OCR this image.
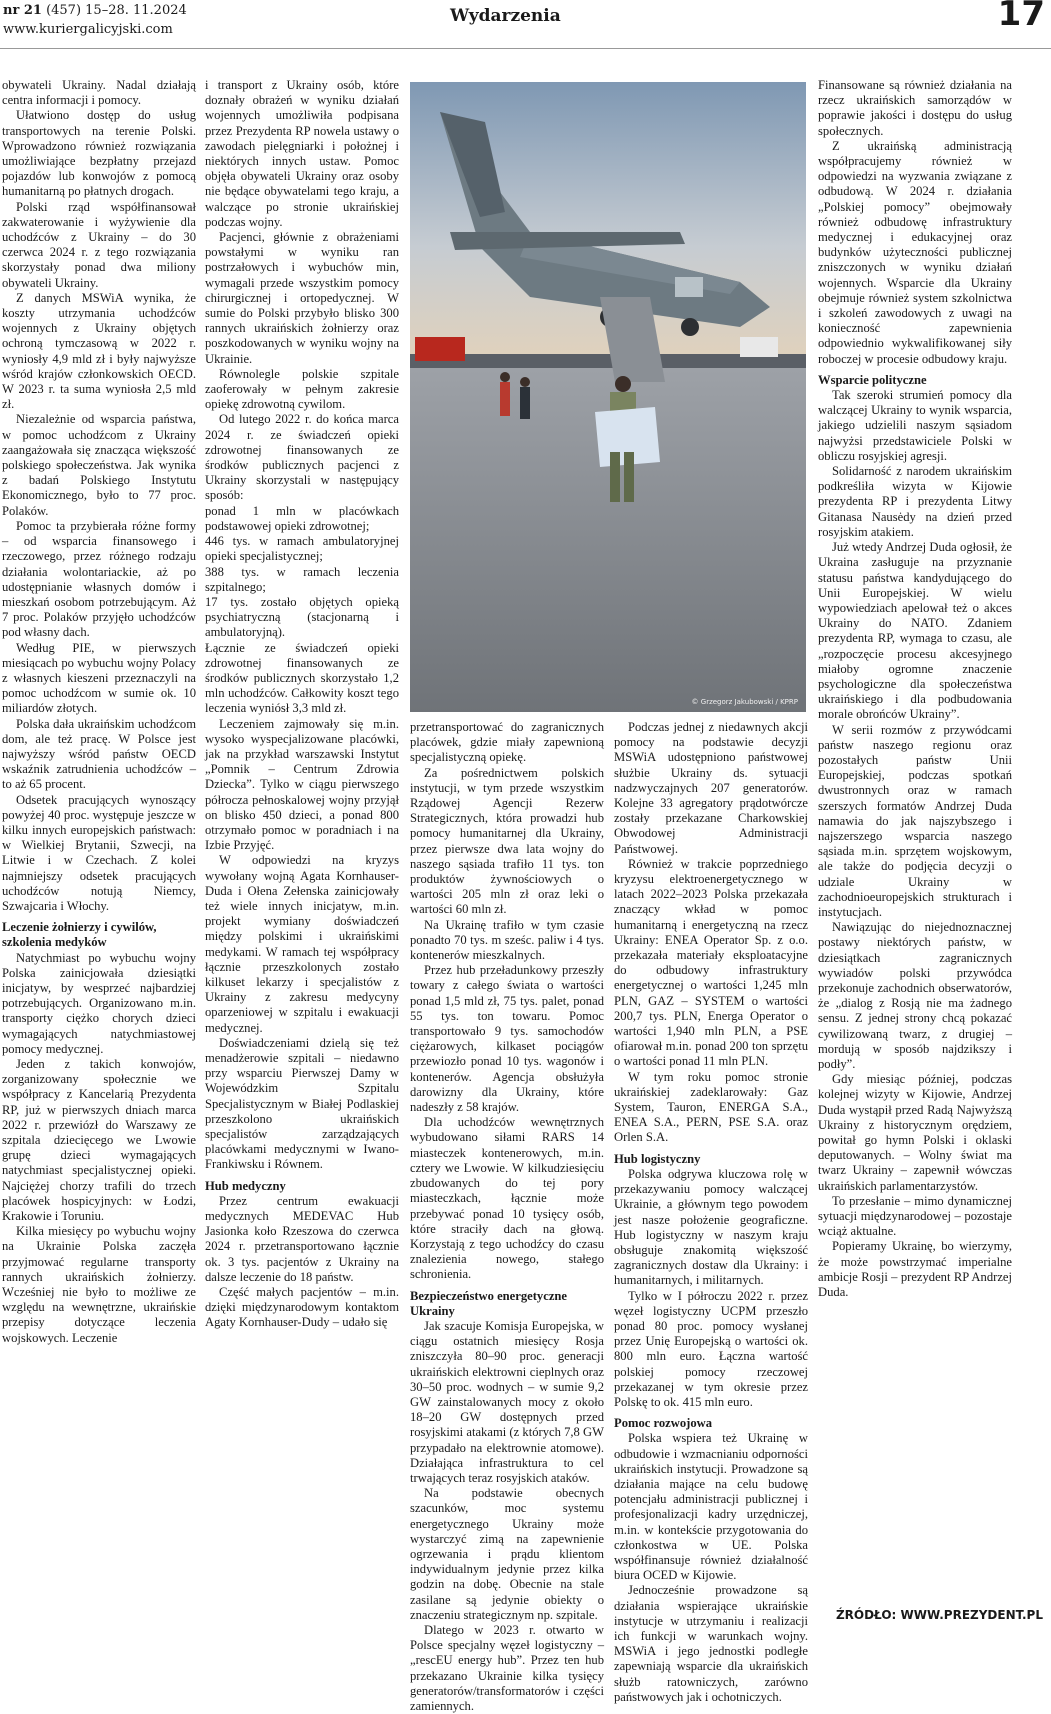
nr 21 (457) 15–28. 11.2024
www.kuriergalicyjski.com
Wydarzenia	17
© Grzegorz Jakubowski / KPRP

obywateli Ukrainy. Nadal działają centra informacji i pomocy.

Ułatwiono dostęp do usług transportowych na terenie Polski. Wprowadzono również rozwiązania umożliwiające bezpłatny przejazd pojazdów lub konwojów z pomocą humanitarną po płatnych drogach.

Polski rząd współfinansował zakwaterowanie i wyżywienie dla uchodźców z Ukrainy – do 30 czerwca 2024 r. z tego rozwiązania skorzystały ponad dwa miliony obywateli Ukrainy.

Z danych MSWiA wynika, że koszty utrzymania uchodźców wojennych z Ukrainy objętych ochroną tymczasową w 2022 r. wyniosły 4,9 mld zł i były najwyższe wśród krajów członkowskich OECD. W 2023 r. ta suma wyniosła 2,5 mld zł.

Niezależnie od wsparcia państwa, w pomoc uchodźcom z Ukrainy zaangażowała się znacząca większość polskiego społeczeństwa. Jak wynika z badań Polskiego Instytutu Ekonomicznego, było to 77 proc. Polaków.

Pomoc ta przybierała różne formy – od wsparcia finansowego i rzeczowego, przez różnego rodzaju działania wolontariackie, aż po udostępnianie własnych domów i mieszkań osobom potrzebującym. Aż 7 proc. Polaków przyjęło uchodźców pod własny dach.

Według PIE, w pierwszych miesiącach po wybuchu wojny Polacy z własnych kieszeni przeznaczyli na pomoc uchodźcom w sumie ok. 10 miliardów złotych.

Polska dała ukraińskim uchodźcom dom, ale też pracę. W Polsce jest najwyższy wśród państw OECD wskaźnik zatrudnienia uchodźców – to aż 65 procent.

Odsetek pracujących wynoszący powyżej 40 proc. występuje jeszcze w kilku innych europejskich państwach: w Wielkiej Brytanii, Szwecji, na Litwie i w Czechach. Z kolei najmniejszy odsetek pracujących uchodźców notują Niemcy, Szwajcaria i Włochy.

Leczenie żołnierzy i cywilów, szkolenia medyków

Natychmiast po wybuchu wojny Polska zainicjowała dziesiątki inicjatyw, by wesprzeć najbardziej potrzebujących. Organizowano m.in. transporty ciężko chorych dzieci wymagających natychmiastowej pomocy medycznej.

Jeden z takich konwojów, zorganizowany społecznie we współpracy z Kancelarią Prezydenta RP, już w pierwszych dniach marca 2022 r. przewiózł do Warszawy ze szpitala dziecięcego we Lwowie grupę dzieci wymagających natychmiast specjalistycznej opieki. Najciężej chorzy trafili do trzech placówek hospicyjnych: w Łodzi, Krakowie i Toruniu.

Kilka miesięcy po wybuchu wojny na Ukrainie Polska zaczęła przyjmować regularne transporty rannych ukraińskich żołnierzy. Wcześniej nie było to możliwe ze względu na wewnętrzne, ukraińskie przepisy dotyczące leczenia wojskowych. Leczenie

i transport z Ukrainy osób, które doznały obrażeń w wyniku działań wojennych umożliwiła podpisana przez Prezydenta RP nowela ustawy o zawodach pielęgniarki i położnej i niektórych innych ustaw. Pomoc objęła obywateli Ukrainy oraz osoby nie będące obywatelami tego kraju, a walczące po stronie ukraińskiej podczas wojny.

Pacjenci, głównie z obrażeniami powstałymi w wyniku ran postrzałowych i wybuchów min, wymagali przede wszystkim pomocy chirurgicznej i ortopedycznej. W sumie do Polski przybyło blisko 300 rannych ukraińskich żołnierzy oraz poszkodowanych w wyniku wojny na Ukrainie.

Równolegle polskie szpitale zaoferowały w pełnym zakresie opiekę zdrowotną cywilom.

Od lutego 2022 r. do końca marca 2024 r. ze świadczeń opieki zdrowotnej finansowanych ze środków publicznych pacjenci z Ukrainy skorzystali w następujący sposób:

ponad 1 mln w placówkach podstawowej opieki zdrowotnej;

446 tys. w ramach ambulatoryjnej opieki specjalistycznej;

388 tys. w ramach leczenia szpitalnego;

17 tys. zostało objętych opieką psychiatryczną (stacjonarną i ambulatoryjną).

Łącznie ze świadczeń opieki zdrowotnej finansowanych ze środków publicznych skorzystało 1,2 mln uchodźców. Całkowity koszt tego leczenia wyniósł 3,3 mld zł.

Leczeniem zajmowały się m.in. wysoko wyspecjalizowane placówki, jak na przykład warszawski Instytut „Pomnik – Centrum Zdrowia Dziecka”. Tylko w ciągu pierwszego półrocza pełnoskalowej wojny przyjął on blisko 450 dzieci, a ponad 800 otrzymało pomoc w poradniach i na Izbie Przyjęć.

W odpowiedzi na kryzys wywołany wojną Agata Kornhauser-Duda i Ołena Zełenska zainicjowały też wiele innych inicjatyw, m.in. projekt wymiany doświadczeń między polskimi i ukraińskimi medykami. W ramach tej współpracy łącznie przeszkolonych zostało kilkuset lekarzy i specjalistów z Ukrainy z zakresu medycyny oparzeniowej w szpitalu i ewakuacji medycznej.

Doświadczeniami dzielą się też menadżerowie szpitali – niedawno przy wsparciu Pierwszej Damy w Wojewódzkim Szpitalu Specjalistycznym w Białej Podlaskiej przeszkolono ukraińskich specjalistów zarządzających placówkami medycznymi w Iwano-Frankiwsku i Równem.

Hub medyczny

Przez centrum ewakuacji medycznych MEDEVAC Hub Jasionka koło Rzeszowa do czerwca 2024 r. przetransportowano łącznie ok. 3 tys. pacjentów z Ukrainy na dalsze leczenie do 18 państw.

Część małych pacjentów – m.in. dzięki międzynarodowym kontaktom Agaty Kornhauser-Dudy – udało się

przetransportować do zagranicznych placówek, gdzie miały zapewnioną specjalistyczną opiekę.

Za pośrednictwem polskich instytucji, w tym przede wszystkim Rządowej Agencji Rezerw Strategicznych, która prowadzi hub pomocy humanitarnej dla Ukrainy, przez pierwsze dwa lata wojny do naszego sąsiada trafiło 11 tys. ton produktów żywnościowych o wartości 205 mln zł oraz leki o wartości 60 mln zł.

Na Ukrainę trafiło w tym czasie ponadto 70 tys. m sześc. paliw i 4 tys. kontenerów mieszkalnych.

Przez hub przeładunkowy przeszły towary z całego świata o wartości ponad 1,5 mld zł, 75 tys. palet, ponad 55 tys. ton towaru. Pomoc transportowało 9 tys. samochodów ciężarowych, kilkaset pociągów przewiozło ponad 10 tys. wagonów i kontenerów. Agencja obsłużyła darowizny dla Ukrainy, które nadeszły z 58 krajów.

Dla uchodźców wewnętrznych wybudowano siłami RARS 14 miasteczek kontenerowych, m.in. cztery we Lwowie. W kilkudziesięciu zbudowanych do tej pory miasteczkach, łącznie może przebywać ponad 10 tysięcy osób, które straciły dach na głową. Korzystają z tego uchodźcy do czasu znalezienia nowego, stałego schronienia.

Bezpieczeństwo energetyczne Ukrainy

Jak szacuje Komisja Europejska, w ciągu ostatnich miesięcy Rosja zniszczyła 80–90 proc. generacji ukraińskich elektrowni cieplnych oraz 30–50 proc. wodnych – w sumie 9,2 GW zainstalowanych mocy z około 18–20 GW dostępnych przed rosyjskimi atakami (z których 7,8 GW przypadało na elektrownie atomowe). Działająca infrastruktura to cel trwających teraz rosyjskich ataków.

Na podstawie obecnych szacunków, moc systemu energetycznego Ukrainy może wystarczyć zimą na zapewnienie ogrzewania i prądu klientom indywidualnym jedynie przez kilka godzin na dobę. Obecnie na stale zasilane są jedynie obiekty o znaczeniu strategicznym np. szpitale.

Dlatego w 2023 r. otwarto w Polsce specjalny węzeł logistyczny – „rescEU energy hub”. Przez ten hub przekazano Ukrainie kilka tysięcy generatorów/transformatorów i części zamiennych.

Podczas jednej z niedawnych akcji pomocy na podstawie decyzji MSWiA udostępniono państwowej służbie Ukrainy ds. sytuacji nadzwyczajnych 207 generatorów. Kolejne 33 agregatory prądotwórcze zostały przekazane Charkowskiej Obwodowej Administracji Państwowej.

Również w trakcie poprzedniego kryzysu elektroenergetycznego w latach 2022–2023 Polska przekazała znaczący wkład w pomoc humanitarną i energetyczną na rzecz Ukrainy: ENEA Operator Sp. z o.o. przekazała materiały eksploatacyjne do odbudowy infrastruktury energetycznej o wartości 1,245 mln PLN, GAZ – SYSTEM o wartości 200,7 tys. PLN, Energa Operator o wartości 1,940 mln PLN, a PSE ofiarował m.in. ponad 200 ton sprzętu o wartości ponad 11 mln PLN.

W tym roku pomoc stronie ukraińskiej zadeklarowały: Gaz System, Tauron, ENERGA S.A., ENEA S.A., PERN, PSE S.A. oraz Orlen S.A.

Hub logistyczny

Polska odgrywa kluczowa rolę w przekazywaniu pomocy walczącej Ukrainie, a głównym tego powodem jest nasze położenie geograficzne. Hub logistyczny w naszym kraju obsługuje znakomitą większość zagranicznych dostaw dla Ukrainy: i humanitarnych, i militarnych.

Tylko w I półroczu 2022 r. przez węzeł logistyczny UCPM przeszło ponad 80 proc. pomocy wysłanej przez Unię Europejską o wartości ok. 800 mln euro. Łączna wartość polskiej pomocy rzeczowej przekazanej w tym okresie przez Polskę to ok. 415 mln euro.

Pomoc rozwojowa

Polska wspiera też Ukrainę w odbudowie i wzmacnianiu odporności ukraińskich instytucji. Prowadzone są działania mające na celu budowę potencjału administracji publicznej i profesjonalizacji kadry urzędniczej, m.in. w kontekście przygotowania do członkostwa w UE. Polska współfinansuje również działalność biura OCED w Kijowie.

Jednocześnie prowadzone są działania wspierające ukraińskie instytucje w utrzymaniu i realizacji ich funkcji w warunkach wojny. MSWiA i jego jednostki podległe zapewniają wsparcie dla ukraińskich służb ratowniczych, zarówno państwowych jak i ochotniczych.

Finansowane są również działania na rzecz ukraińskich samorządów w poprawie jakości i dostępu do usług społecznych.

Z ukraińską administracją współpracujemy również w odpowiedzi na wyzwania związane z odbudową. W 2024 r. działania „Polskiej pomocy” obejmowały również odbudowę infrastruktury medycznej i edukacyjnej oraz budynków użyteczności publicznej zniszczonych w wyniku działań wojennych. Wsparcie dla Ukrainy obejmuje również system szkolnictwa i szkoleń zawodowych z uwagi na konieczność zapewnienia odpowiednio wykwalifikowanej siły roboczej w procesie odbudowy kraju.

Wsparcie polityczne

Tak szeroki strumień pomocy dla walczącej Ukrainy to wynik wsparcia, jakiego udzielili naszym sąsiadom najwyżsi przedstawiciele Polski w obliczu rosyjskiej agresji.

Solidarność z narodem ukraińskim podkreśliła wizyta w Kijowie prezydenta RP i prezydenta Litwy Gitanasa Nausėdy na dzień przed rosyjskim atakiem.

Już wtedy Andrzej Duda ogłosił, że Ukraina zasługuje na przyznanie statusu państwa kandydującego do Unii Europejskiej. W wielu wypowiedziach apelował też o akces Ukrainy do NATO. Zdaniem prezydenta RP, wymaga to czasu, ale „rozpoczęcie procesu akcesyjnego miałoby ogromne znaczenie psychologiczne dla społeczeństwa ukraińskiego i dla podbudowania morale obrońców Ukrainy”.

W serii rozmów z przywódcami państw naszego regionu oraz pozostałych państw Unii Europejskiej, podczas spotkań dwustronnych oraz w ramach szerszych formatów Andrzej Duda namawia do jak najszybszego i najszerszego wsparcia naszego sąsiada m.in. sprzętem wojskowym, ale także do podjęcia decyzji o udziale Ukrainy w zachodnioeuropejskich strukturach i instytucjach.

Nawiązując do niejednoznacznej postawy niektórych państw, w dziesiątkach zagranicznych wywiadów polski przywódca przekonuje zachodnich obserwatorów, że „dialog z Rosją nie ma żadnego sensu. Z jednej strony chcą pokazać cywilizowaną twarz, z drugiej – mordują w sposób najdzikszy i podły”.

Gdy miesiąc później, podczas kolejnej wizyty w Kijowie, Andrzej Duda wystąpił przed Radą Najwyższą Ukrainy z historycznym orędziem, powitał go hymn Polski i oklaski deputowanych. – Wolny świat ma twarz Ukrainy – zapewnił wówczas ukraińskich parlamentarzystów.

To przesłanie – mimo dynamicznej sytuacji międzynarodowej – pozostaje wciąż aktualne.

Popieramy Ukrainę, bo wierzymy, że może powstrzymać imperialne ambicje Rosji – prezydent RP Andrzej Duda.

ŹRÓDŁO: WWW.PREZYDENT.PL
